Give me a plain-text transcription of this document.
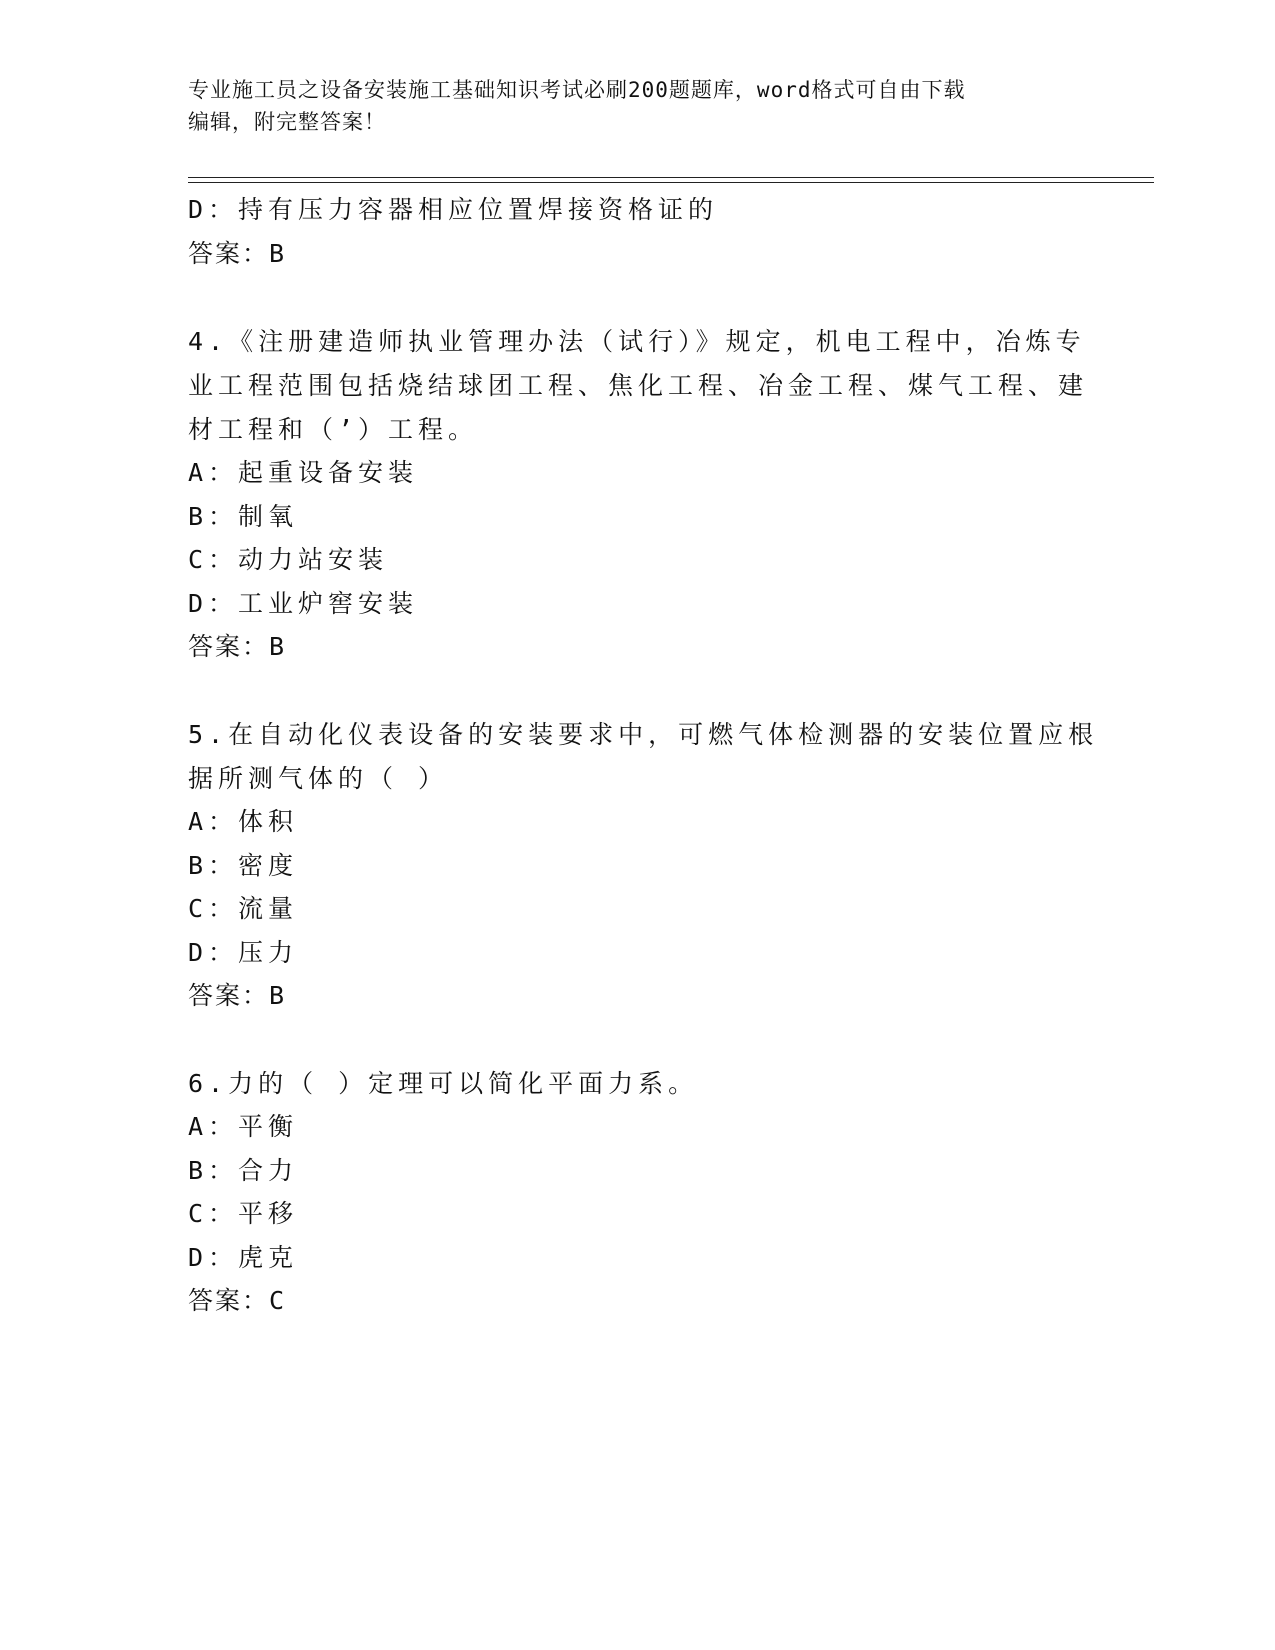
专业施工员之设备安装施工基础知识考试必刷200题题库，word格式可自由下载
编辑，附完整答案！
D：持有压力容器相应位置焊接资格证的
答案：B
4.《注册建造师执业管理办法（试行）》规定，机电工程中，冶炼专
业工程范围包括烧结球团工程、焦化工程、冶金工程、煤气工程、建
材工程和（’）工程。
A：起重设备安装
B：制氧
C：动力站安装
D：工业炉窖安装
答案：B
5.在自动化仪表设备的安装要求中，可燃气体检测器的安装位置应根
据所测气体的（ ）
A：体积
B：密度
C：流量
D：压力
答案：B
6.力的（ ）定理可以简化平面力系。
A：平衡
B：合力
C：平移
D：虎克
答案：C
